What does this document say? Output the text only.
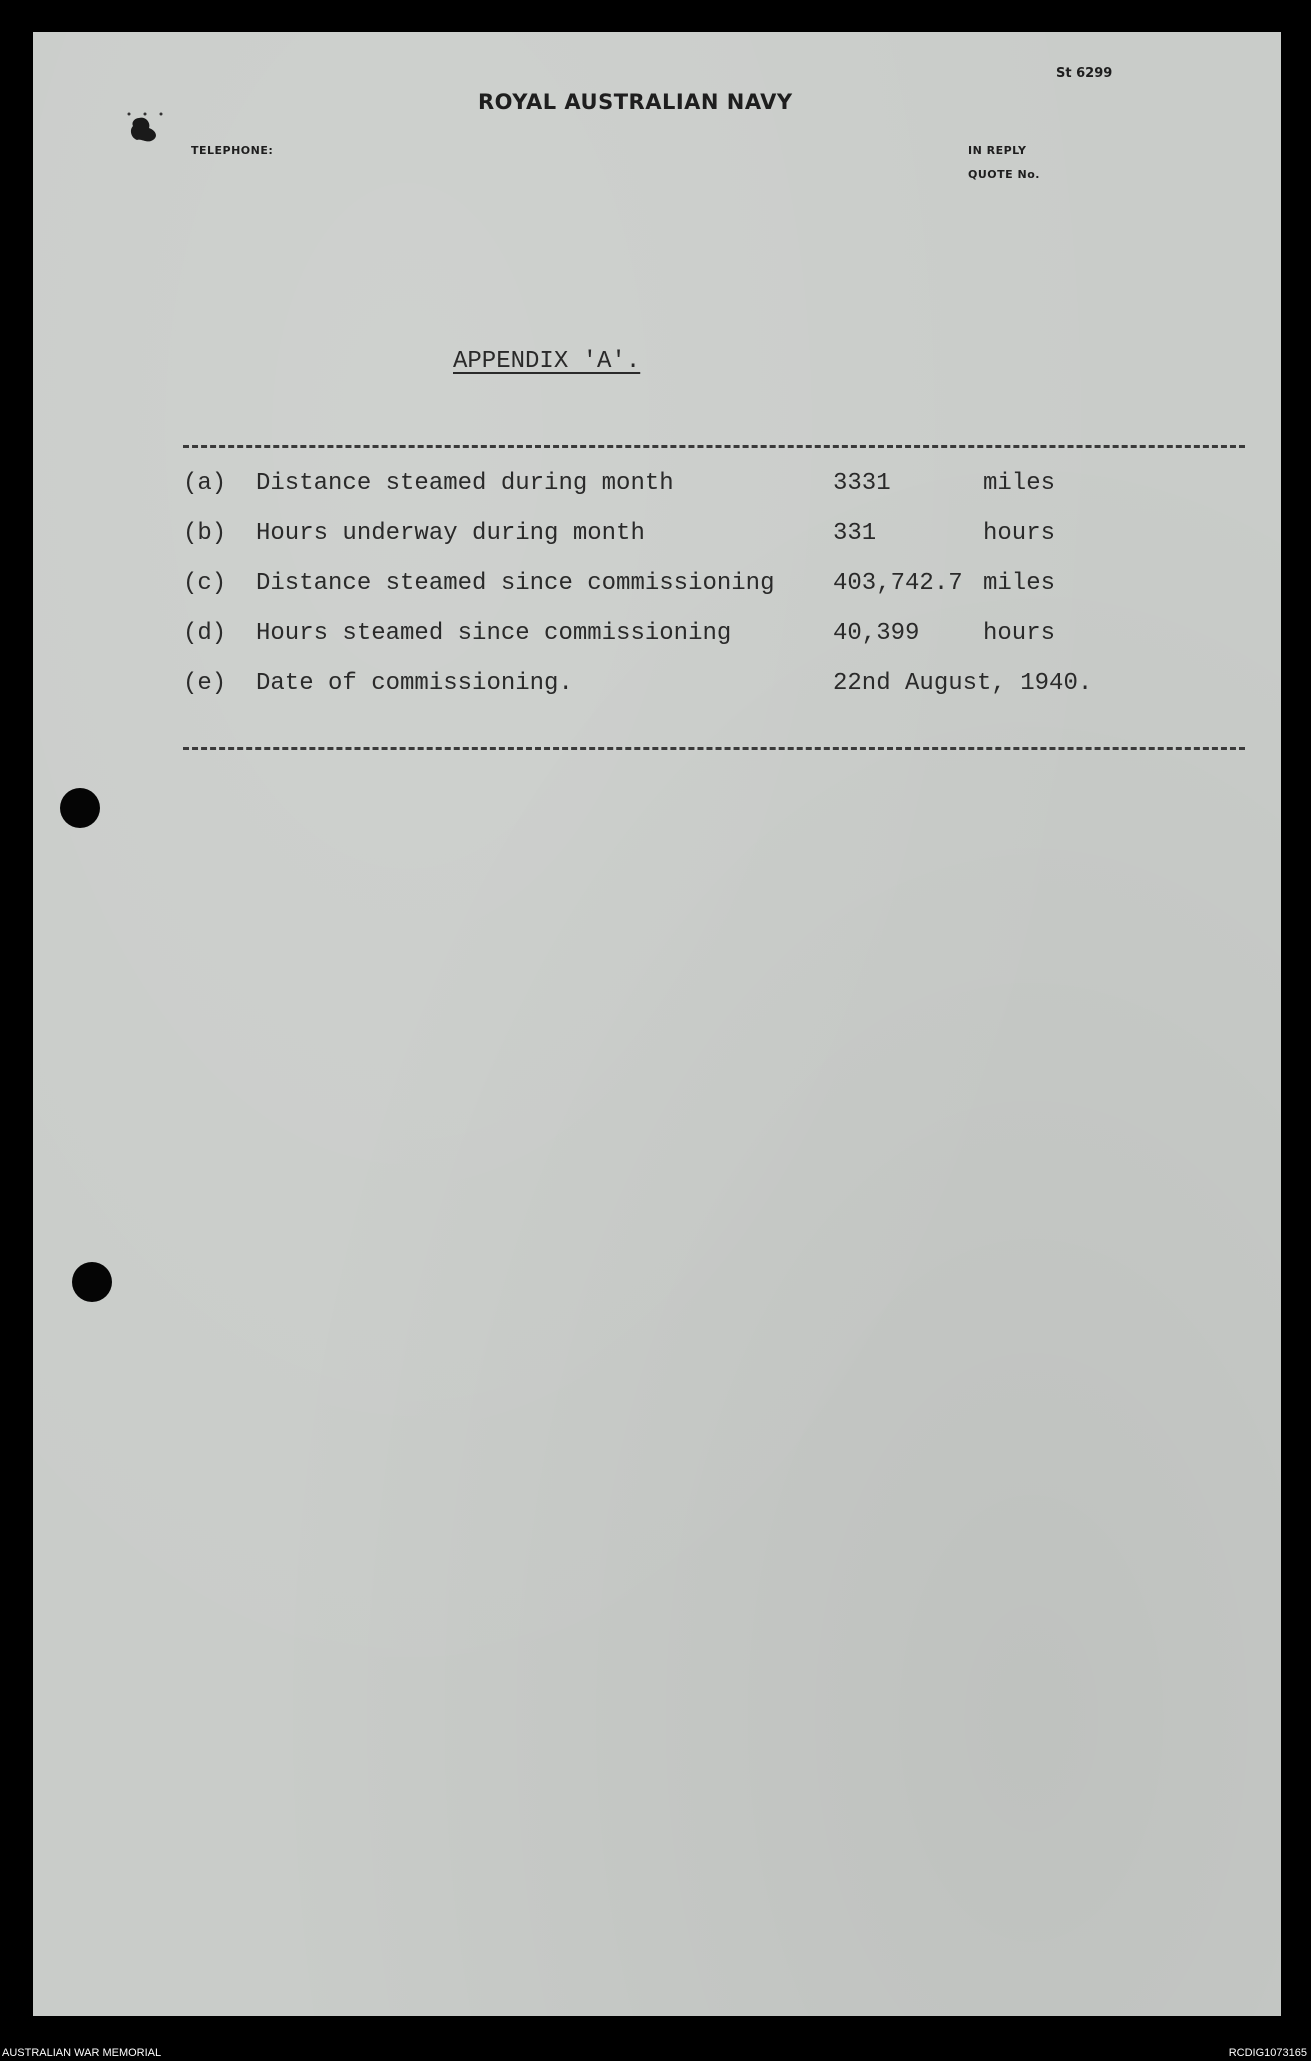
St 6299
ROYAL AUSTRALIAN NAVY
TELEPHONE:	IN REPLY
QUOTE No.
APPENDIX 'A'.
(a) Distance steamed during month	3331	miles
(b) Hours underway during month	331	hours
(c) Distance steamed since commissioning 403,742.7 miles
(d) Hours steamed since commissioning	40,399	hours
(e) Date of commissioning.	22nd August, 1940.
AUSTRALIAN WAR MEMORIAL	RCDIG1073165
